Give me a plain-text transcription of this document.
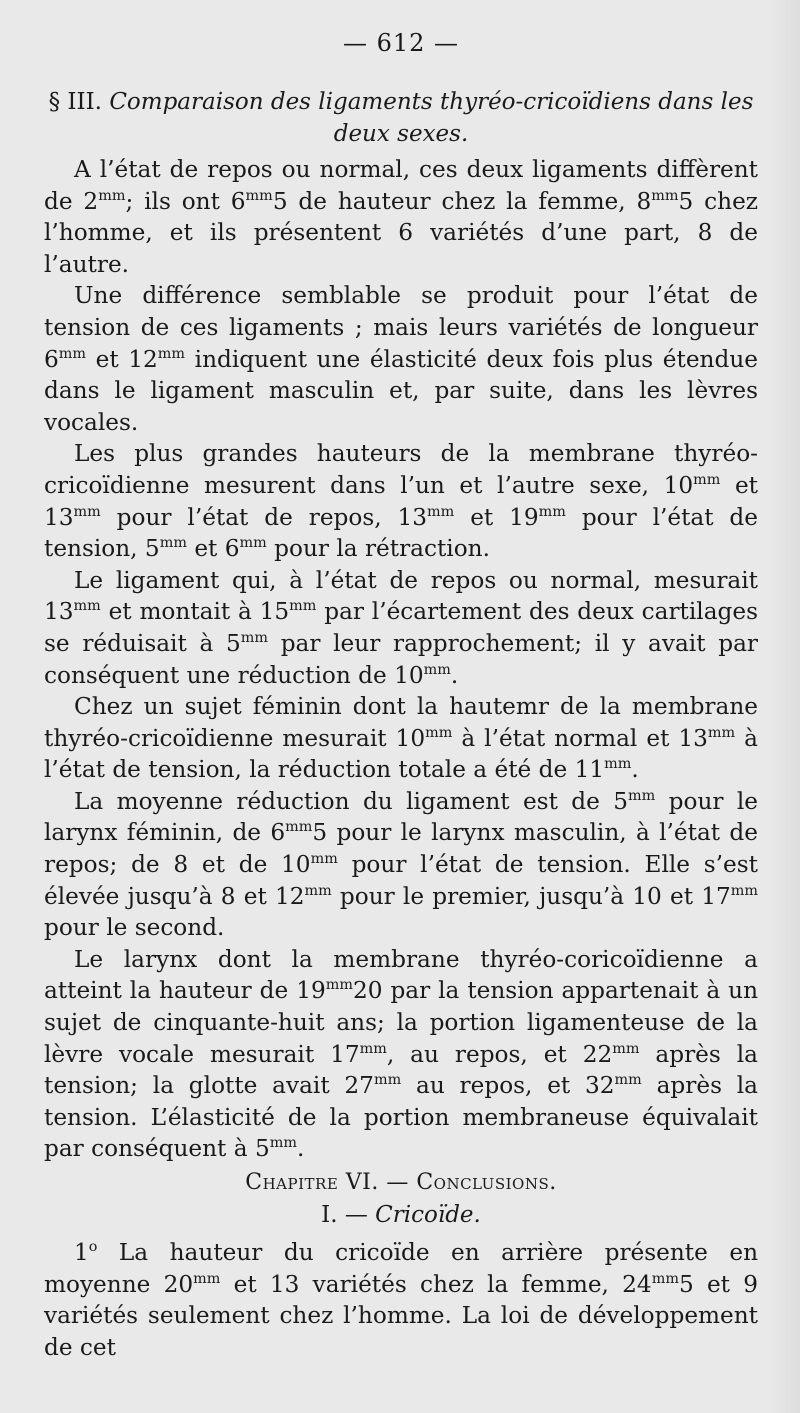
— 612 —
§ III. Comparaison des ligaments thyréo-cricoïdiens dans les deux sexes.

A l’état de repos ou normal, ces deux ligaments diffèrent de $2^{mm}$; ils ont $6^{mm}5$ de hauteur chez la femme, $8^{mm}5$ chez l’homme, et ils présentent 6 variétés d’une part, 8 de l’autre.

Une différence semblable se produit pour l’état de tension de ces ligaments ; mais leurs variétés de longueur $6^{mm}$ et $12^{mm}$ indiquent une élasticité deux fois plus étendue dans le ligament masculin et, par suite, dans les lèvres vocales.

Les plus grandes hauteurs de la membrane thyréo-cricoïdienne mesurent dans l’un et l’autre sexe, $10^{mm}$ et $13^{mm}$ pour l’état de repos, $13^{mm}$ et $19^{mm}$ pour l’état de tension, $5^{mm}$ et $6^{mm}$ pour la rétraction.

Le ligament qui, à l’état de repos ou normal, mesurait $13^{mm}$ et montait à $15^{mm}$ par l’écartement des deux cartilages se réduisait à $5^{mm}$ par leur rapprochement; il y avait par conséquent une réduction de $10^{mm}$.

Chez un sujet féminin dont la hautemr de la membrane thyréo-cricoïdienne mesurait $10^{mm}$ à l’état normal et $13^{mm}$ à l’état de tension, la réduction totale a été de $11^{mm}$.

La moyenne réduction du ligament est de $5^{mm}$ pour le larynx féminin, de $6^{mm}5$ pour le larynx masculin, à l’état de repos; de 8 et de $10^{mm}$ pour l’état de tension. Elle s’est élevée jusqu’à 8 et $12^{mm}$ pour le premier, jusqu’à 10 et $17^{mm}$ pour le second.

Le larynx dont la membrane thyréo-coricoïdienne a atteint la hauteur de $19^{mm}20$ par la tension appartenait à un sujet de cinquante-huit ans; la portion ligamenteuse de la lèvre vocale mesurait $17^{mm}$, au repos, et $22^{mm}$ après la tension; la glotte avait $27^{mm}$ au repos, et $32^{mm}$ après la tension. L’élasticité de la portion membraneuse équivalait par conséquent à $5^{mm}$.

Chapitre VI. — Conclusions.
I. — Cricoïde.

1$^o$ La hauteur du cricoïde en arrière présente en moyenne $20^{mm}$ et 13 variétés chez la femme, $24^{mm}5$ et 9 variétés seulement chez l’homme. La loi de développement de cet
